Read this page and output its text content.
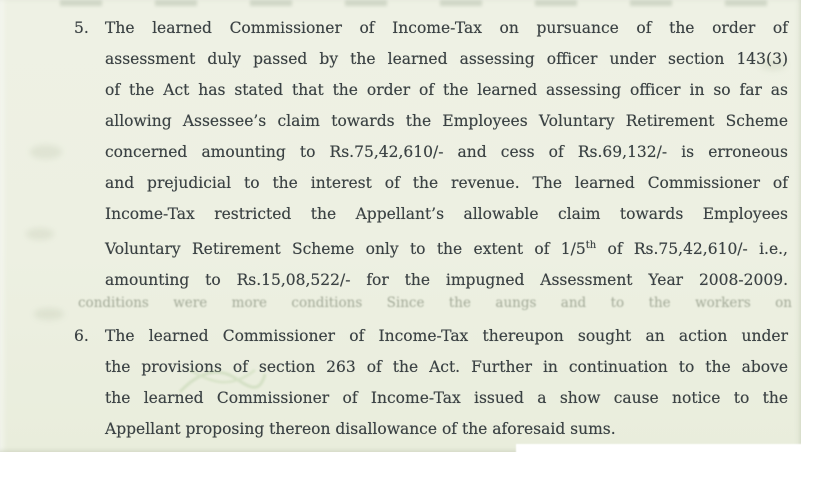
5. The learned Commissioner of Income-Tax on pursuance of the order of
assessment duly passed by the learned assessing officer under section 143(3)
of the Act has stated that the order of the learned assessing officer in so far as
allowing Assessee’s claim towards the Employees Voluntary Retirement Scheme
concerned amounting to Rs.75,42,610/- and cess of Rs.69,132/- is erroneous
and prejudicial to the interest of the revenue. The learned Commissioner of
Income-Tax restricted the Appellant’s allowable claim towards Employees
Voluntary Retirement Scheme only to the extent of 1/5th of Rs.75,42,610/- i.e.,
amounting to Rs.15,08,522/- for the impugned Assessment Year 2008-2009.
conditions were more conditions Since the aungs and to the workers on
6. The learned Commissioner of Income-Tax thereupon sought an action under
the provisions of section 263 of the Act. Further in continuation to the above
the learned Commissioner of Income-Tax issued a show cause notice to the
Appellant proposing thereon disallowance of the aforesaid sums.
